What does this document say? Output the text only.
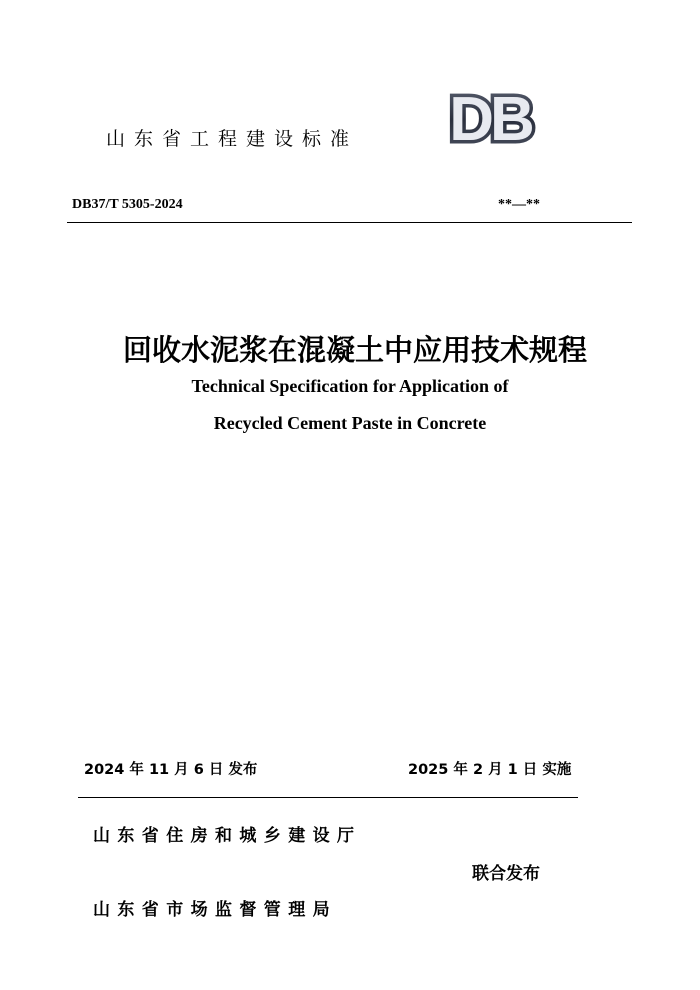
山东省工程建设标准 DB
DB37/T 5305-2024	**—**
回收水泥浆在混凝土中应用技术规程
Technical Specification for Application of
Recycled Cement Paste in Concrete
2024 年 11 月 6 日 发布	2025 年 2 月 1 日 实施
山东省住房和城乡建设厅
联合发布
山东省市场监督管理局
